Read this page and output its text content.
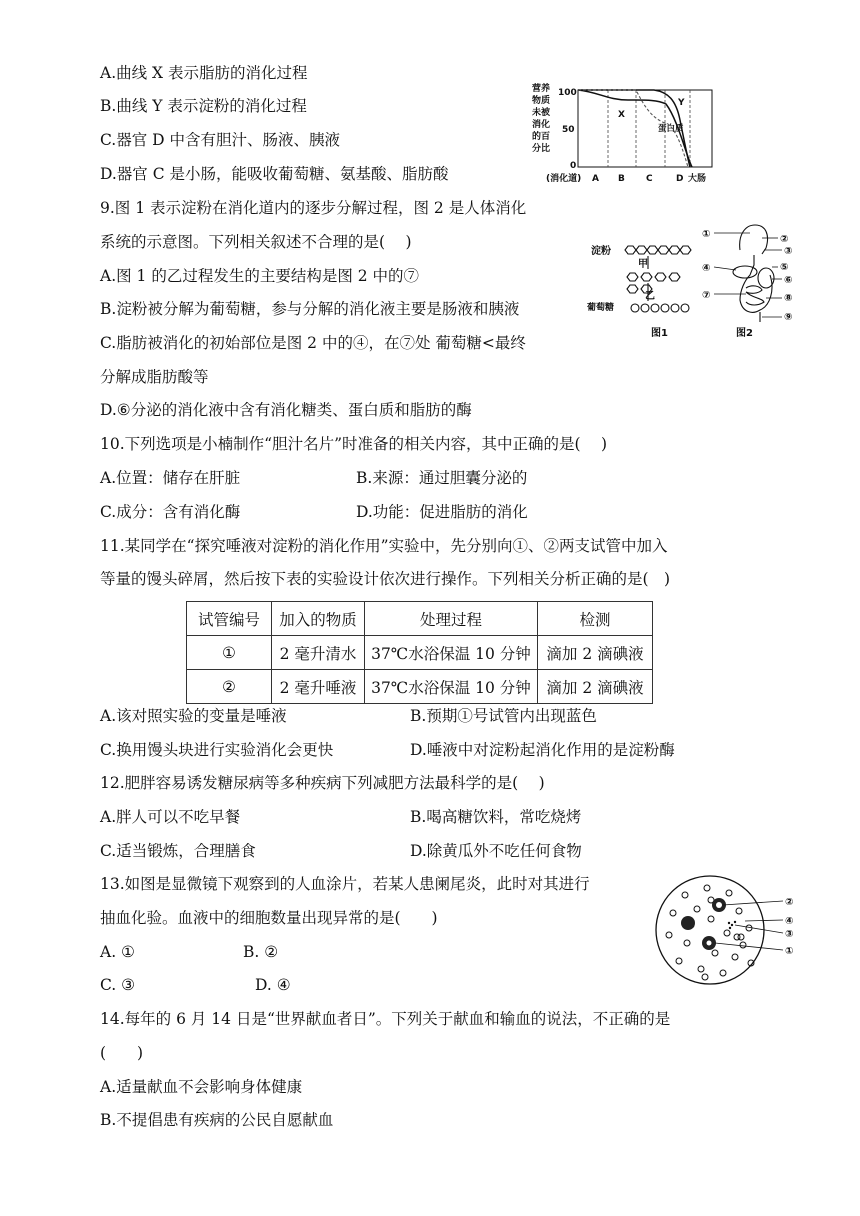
A.曲线 X 表示脂肪的消化过程
B.曲线 Y 表示淀粉的消化过程
C.器官 D 中含有胆汁、肠液、胰液
D.器官 C 是小肠，能吸收葡萄糖、氨基酸、脂肪酸
营养
物质
未被
消化
的百
分比
100
50
0
(消化道) A B C	D 大肠
X
Y
蛋白质
9.图 1 表示淀粉在消化道内的逐步分解过程，图 2 是人体消化
系统的示意图。下列相关叙述不合理的是(　 )
A.图 1 的乙过程发生的主要结构是图 2 中的⑦
B.淀粉被分解为葡萄糖，参与分解的消化液主要是肠液和胰液
C.脂肪被消化的初始部位是图 2 中的④，在⑦处 葡萄糖<最终
分解成脂肪酸等
D.⑥分泌的消化液中含有消化糖类、蛋白质和脂肪的酶
淀粉
甲
乙
葡萄糖
图1
①	②
③
④	⑤
⑥
⑦	⑧
⑨
图2
10.下列选项是小楠制作“胆汁名片”时准备的相关内容，其中正确的是(　 )
A.位置：储存在肝脏	B.来源：通过胆囊分泌的
C.成分：含有消化酶	D.功能：促进脂肪的消化
11.某同学在“探究唾液对淀粉的消化作用”实验中，先分别向①、②两支试管中加入
等量的馒头碎屑，然后按下表的实验设计依次进行操作。下列相关分析正确的是(　)
试管编号	加入的物质	处理过程	检测
①	2 毫升清水	37℃水浴保温 10 分钟	滴加 2 滴碘液
②	2 毫升唾液	37℃水浴保温 10 分钟	滴加 2 滴碘液
A.该对照实验的变量是唾液	B.预期①号试管内出现蓝色
C.换用馒头块进行实验消化会更快	D.唾液中对淀粉起消化作用的是淀粉酶
12.肥胖容易诱发糖尿病等多种疾病下列减肥方法最科学的是(　 )
A.胖人可以不吃早餐	B.喝高糖饮料，常吃烧烤
C.适当锻炼，合理膳食	D.除黄瓜外不吃任何食物
13.如图是显微镜下观察到的人血涂片，若某人患阑尾炎，此时对其进行
抽血化验。血液中的细胞数量出现异常的是(　　)
A. ①	B. ②
C. ③	D. ④
②
④
③
①
14.每年的 6 月 14 日是“世界献血者日”。下列关于献血和输血的说法，不正确的是
(　　)
A.适量献血不会影响身体健康
B.不提倡患有疾病的公民自愿献血
